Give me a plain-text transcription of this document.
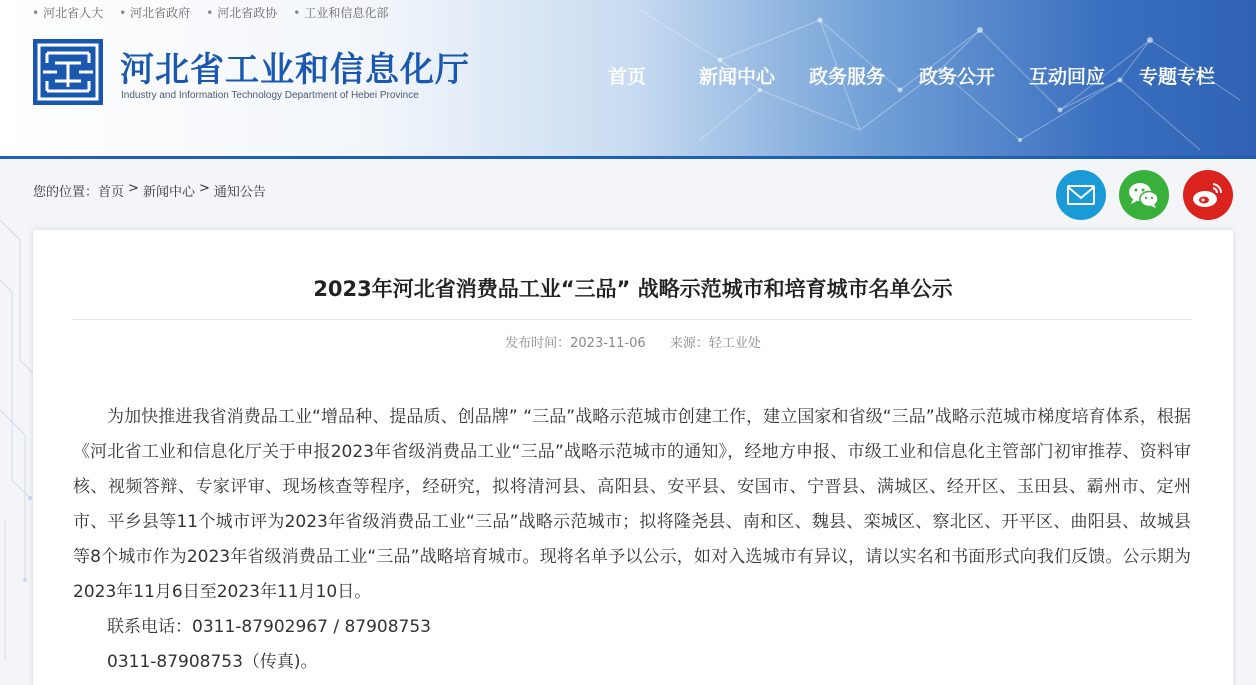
• 河北省人大	• 河北省政府	• 河北省政协	• 工业和信息化部
河北省工业和信息化厅
Industry and Information Technology Department of Hebei Province
首页	新闻中心	政务服务	政务公开	互动回应	专题专栏
您的位置： 首页 > 新闻中心 > 通知公告
2023年河北省消费品工业“三品” 战略示范城市和培育城市名单公示
发布时间：2023-11-06 来源：轻工业处

为加快推进我省消费品工业“增品种、提品质、创品牌” “三品”战略示范城市创建工作，建立国家和省级“三品”战略示范城市梯度培育体系，根据《河北省工业和信息化厅关于申报2023年省级消费品工业“三品”战略示范城市的通知》，经地方申报、市级工业和信息化主管部门初审推荐、资料审核、视频答辩、专家评审、现场核查等程序，经研究，拟将清河县、高阳县、安平县、安国市、宁晋县、满城区、经开区、玉田县、霸州市、定州市、平乡县等11个城市评为2023年省级消费品工业“三品”战略示范城市；拟将隆尧县、南和区、魏县、栾城区、察北区、开平区、曲阳县、故城县等8个城市作为2023年省级消费品工业“三品”战略培育城市。现将名单予以公示，如对入选城市有异议，请以实名和书面形式向我们反馈。公示期为2023年11月6日至2023年11月10日。

联系电话：0311-87902967 / 87908753

0311-87908753（传真)。
